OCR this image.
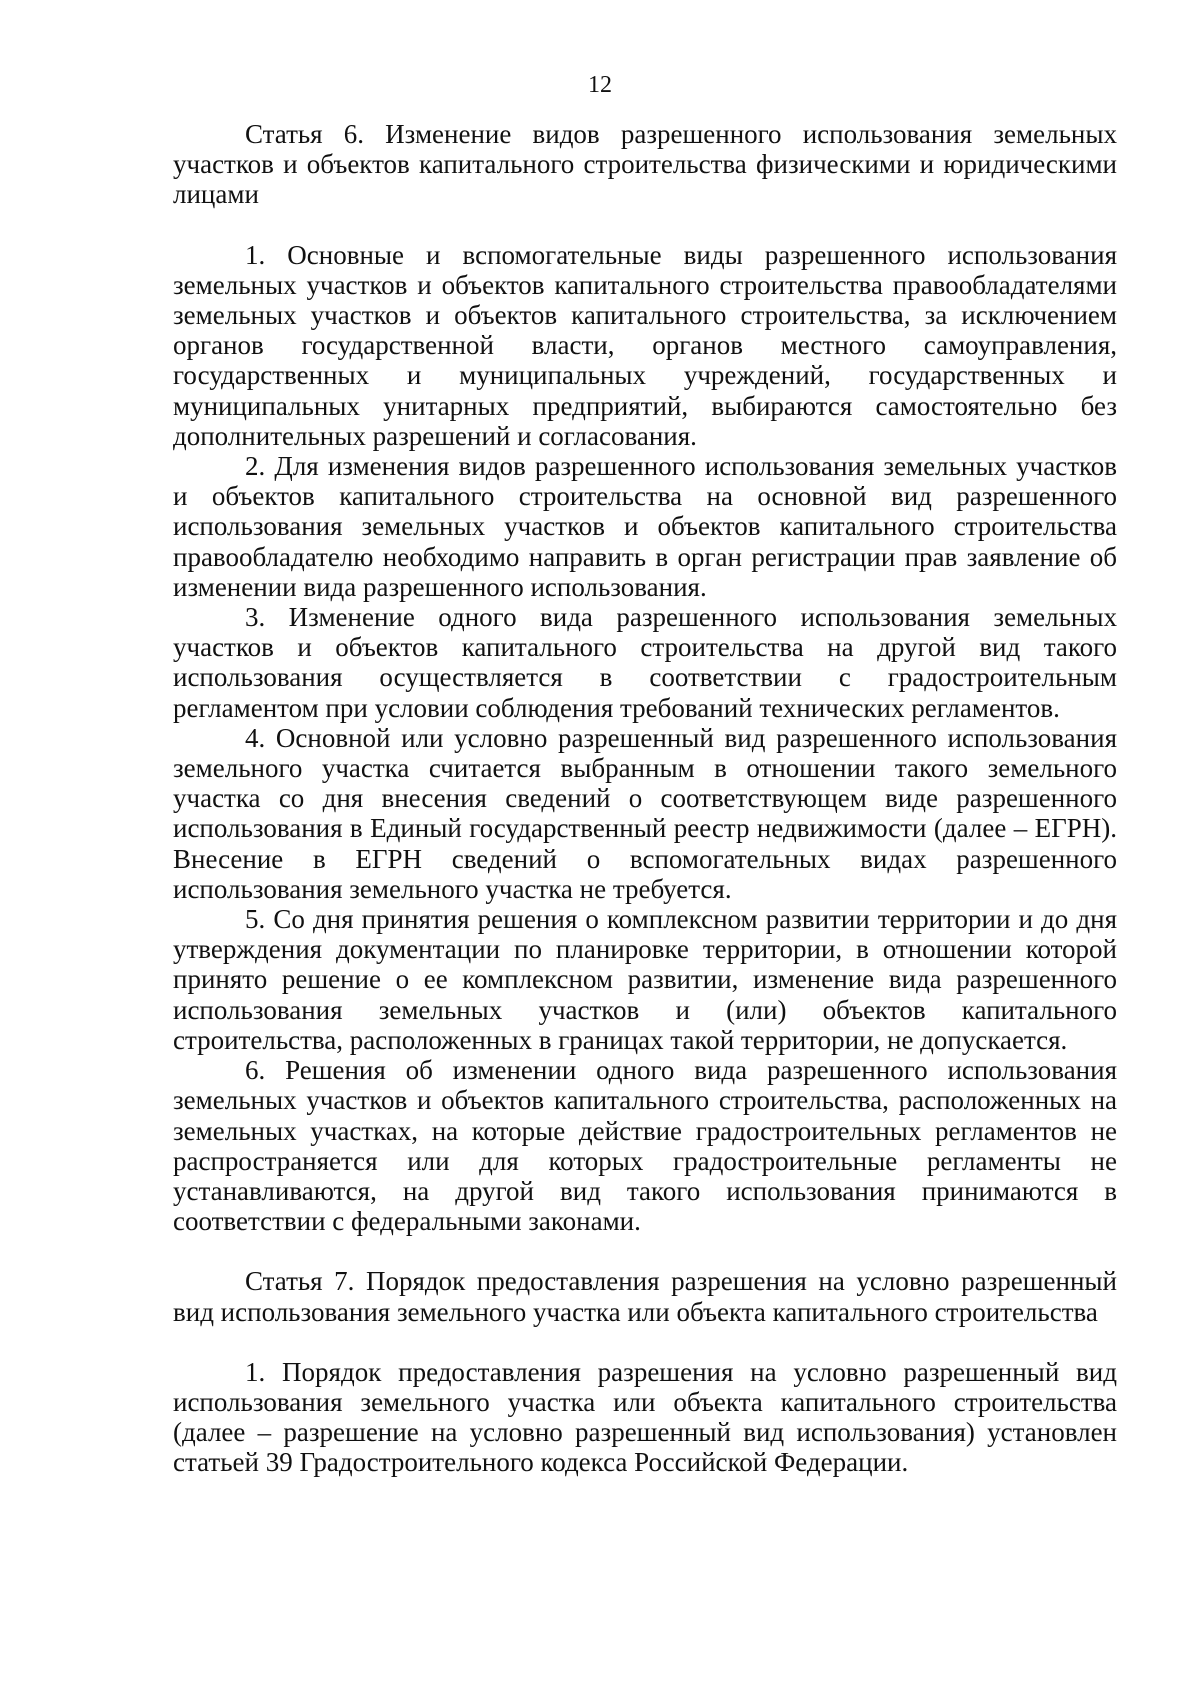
12

Статья 6. Изменение видов разрешенного использования земельных участков и объектов капитального строительства физическими и юридическими лицами

1. Основные и вспомогательные виды разрешенного использования земельных участков и объектов капитального строительства правообладателями земельных участков и объектов капитального строительства, за исключением органов государственной власти, органов местного самоуправления, государственных и муниципальных учреждений, государственных и муниципальных унитарных предприятий, выбираются самостоятельно без дополнительных разрешений и согласования.

2. Для изменения видов разрешенного использования земельных участков и объектов капитального строительства на основной вид разрешенного использования земельных участков и объектов капитального строительства правообладателю необходимо направить в орган регистрации прав заявление об изменении вида разрешенного использования.

3. Изменение одного вида разрешенного использования земельных участков и объектов капитального строительства на другой вид такого использования осуществляется в соответствии с градостроительным регламентом при условии соблюдения требований технических регламентов.

4. Основной или условно разрешенный вид разрешенного использования земельного участка считается выбранным в отношении такого земельного участка со дня внесения сведений о соответствующем виде разрешенного использования в Единый государственный реестр недвижимости (далее – ЕГРН). Внесение в ЕГРН сведений о вспомогательных видах разрешенного использования земельного участка не требуется.

5. Со дня принятия решения о комплексном развитии территории и до дня утверждения документации по планировке территории, в отношении которой принято решение о ее комплексном развитии, изменение вида разрешенного использования земельных участков и (или) объектов капитального строительства, расположенных в границах такой территории, не допускается.

6. Решения об изменении одного вида разрешенного использования земельных участков и объектов капитального строительства, расположенных на земельных участках, на которые действие градостроительных регламентов не распространяется или для которых градостроительные регламенты не устанавливаются, на другой вид такого использования принимаются в соответствии с федеральными законами.

Статья 7. Порядок предоставления разрешения на условно разрешенный вид использования земельного участка или объекта капитального строительства

1. Порядок предоставления разрешения на условно разрешенный вид использования земельного участка или объекта капитального строительства (далее – разрешение на условно разрешенный вид использования) установлен статьей 39 Градостроительного кодекса Российской Федерации.
